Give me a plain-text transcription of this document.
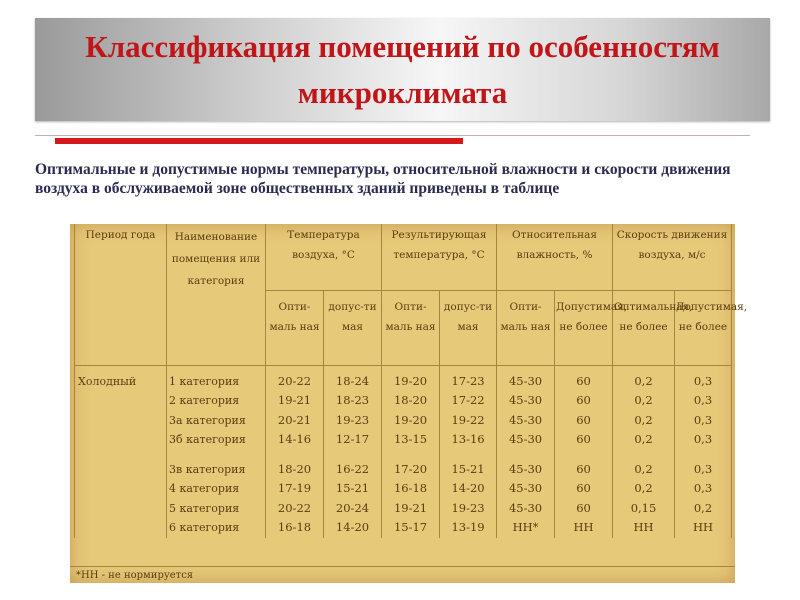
Классификация помещений по особенностям микроклимата

Оптимальные и допустимые нормы температуры, относительной влажности и скорости движения воздуха в обслуживаемой зоне общественных зданий приведены в таблице

Период года	Наименование помещения или категория	Температура воздуха, °С		Результирующая температура, °С		Относительная влажность, %		Скорость движения воздуха, м/с	
		Опти-маль ная	допус-ти мая	Опти-маль ная	допус-ти мая	Опти-маль ная	Допустимая, не более	Оптимальная, не более	Допустимая, не более
Холодный	1 категория	20-22	18-24	19-20	17-23	45-30	60	0,2	0,3
	2 категория	19-21	18-23	18-20	17-22	45-30	60	0,2	0,3
	3а категория	20-21	19-23	19-20	19-22	45-30	60	0,2	0,3
	3б категория	14-16	12-17	13-15	13-16	45-30	60	0,2	0,3

	3в категория	18-20	16-22	17-20	15-21	45-30	60	0,2	0,3
	4 категория	17-19	15-21	16-18	14-20	45-30	60	0,2	0,3
	5 категория	20-22	20-24	19-21	19-23	45-30	60	0,15	0,2
	6 категория	16-18	14-20	15-17	13-19	НН*	НН	НН	НН
*НН - не нормируется
